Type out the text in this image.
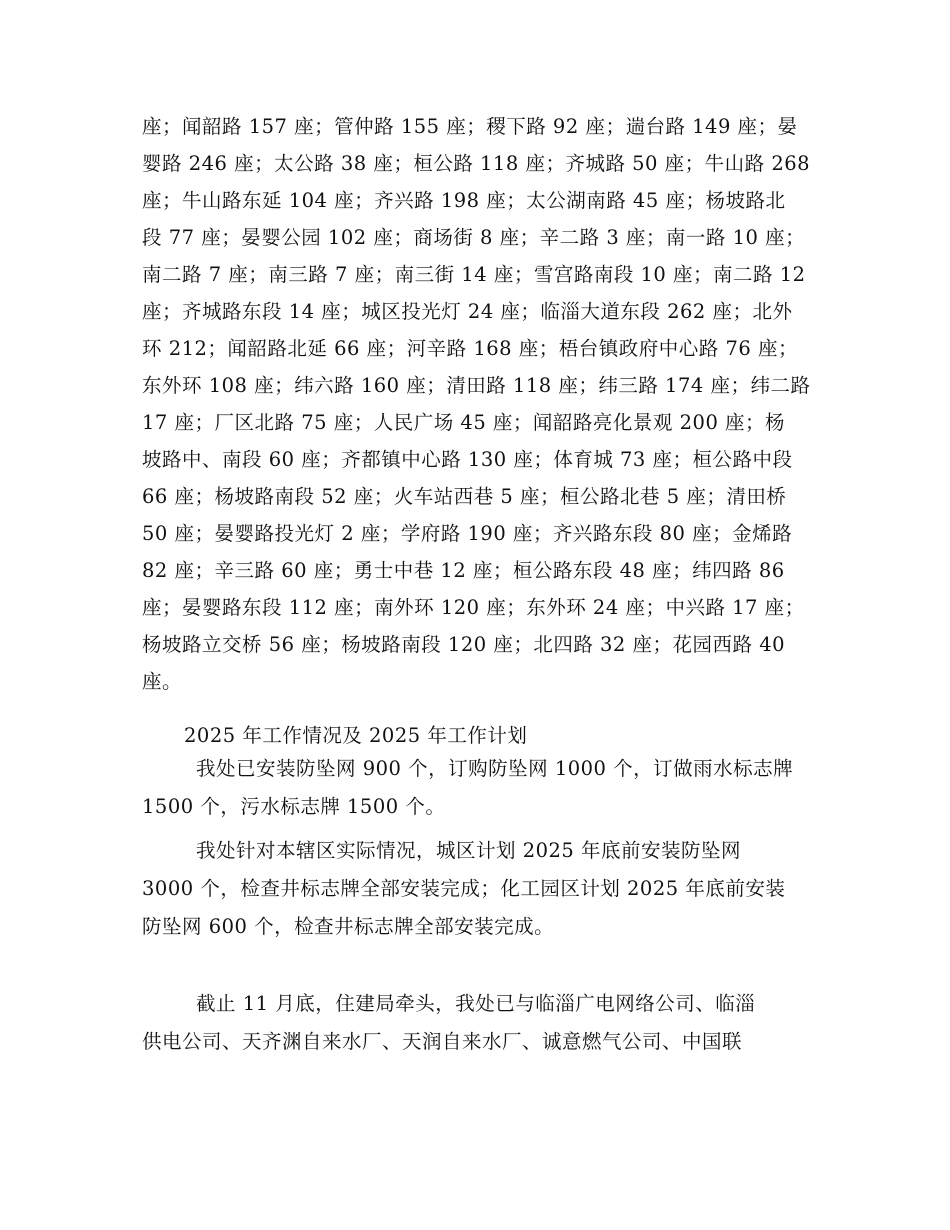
座；闻韶路 157 座；管仲路 155 座；稷下路 92 座；遄台路 149 座；晏
婴路 246 座；太公路 38 座；桓公路 118 座；齐城路 50 座；牛山路 268
座；牛山路东延 104 座；齐兴路 198 座；太公湖南路 45 座；杨坡路北
段 77 座；晏婴公园 102 座；商场街 8 座；辛二路 3 座；南一路 10 座；
南二路 7 座；南三路 7 座；南三街 14 座；雪宫路南段 10 座；南二路 12
座；齐城路东段 14 座；城区投光灯 24 座；临淄大道东段 262 座；北外
环 212；闻韶路北延 66 座；河辛路 168 座；梧台镇政府中心路 76 座；
东外环 108 座；纬六路 160 座；清田路 118 座；纬三路 174 座；纬二路
17 座；厂区北路 75 座；人民广场 45 座；闻韶路亮化景观 200 座；杨
坡路中、南段 60 座；齐都镇中心路 130 座；体育城 73 座；桓公路中段
66 座；杨坡路南段 52 座；火车站西巷 5 座；桓公路北巷 5 座；清田桥
50 座；晏婴路投光灯 2 座；学府路 190 座；齐兴路东段 80 座；金烯路
82 座；辛三路 60 座；勇士中巷 12 座；桓公路东段 48 座；纬四路 86
座；晏婴路东段 112 座；南外环 120 座；东外环 24 座；中兴路 17 座；
杨坡路立交桥 56 座；杨坡路南段 120 座；北四路 32 座；花园西路 40
座。
2025 年工作情况及 2025 年工作计划
我处已安装防坠网 900 个，订购防坠网 1000 个，订做雨水标志牌
1500 个，污水标志牌 1500 个。
我处针对本辖区实际情况，城区计划 2025 年底前安装防坠网
3000 个，检查井标志牌全部安装完成；化工园区计划 2025 年底前安装
防坠网 600 个，检查井标志牌全部安装完成。
截止 11 月底，住建局牵头，我处已与临淄广电网络公司、临淄
供电公司、天齐渊自来水厂、天润自来水厂、诚意燃气公司、中国联
